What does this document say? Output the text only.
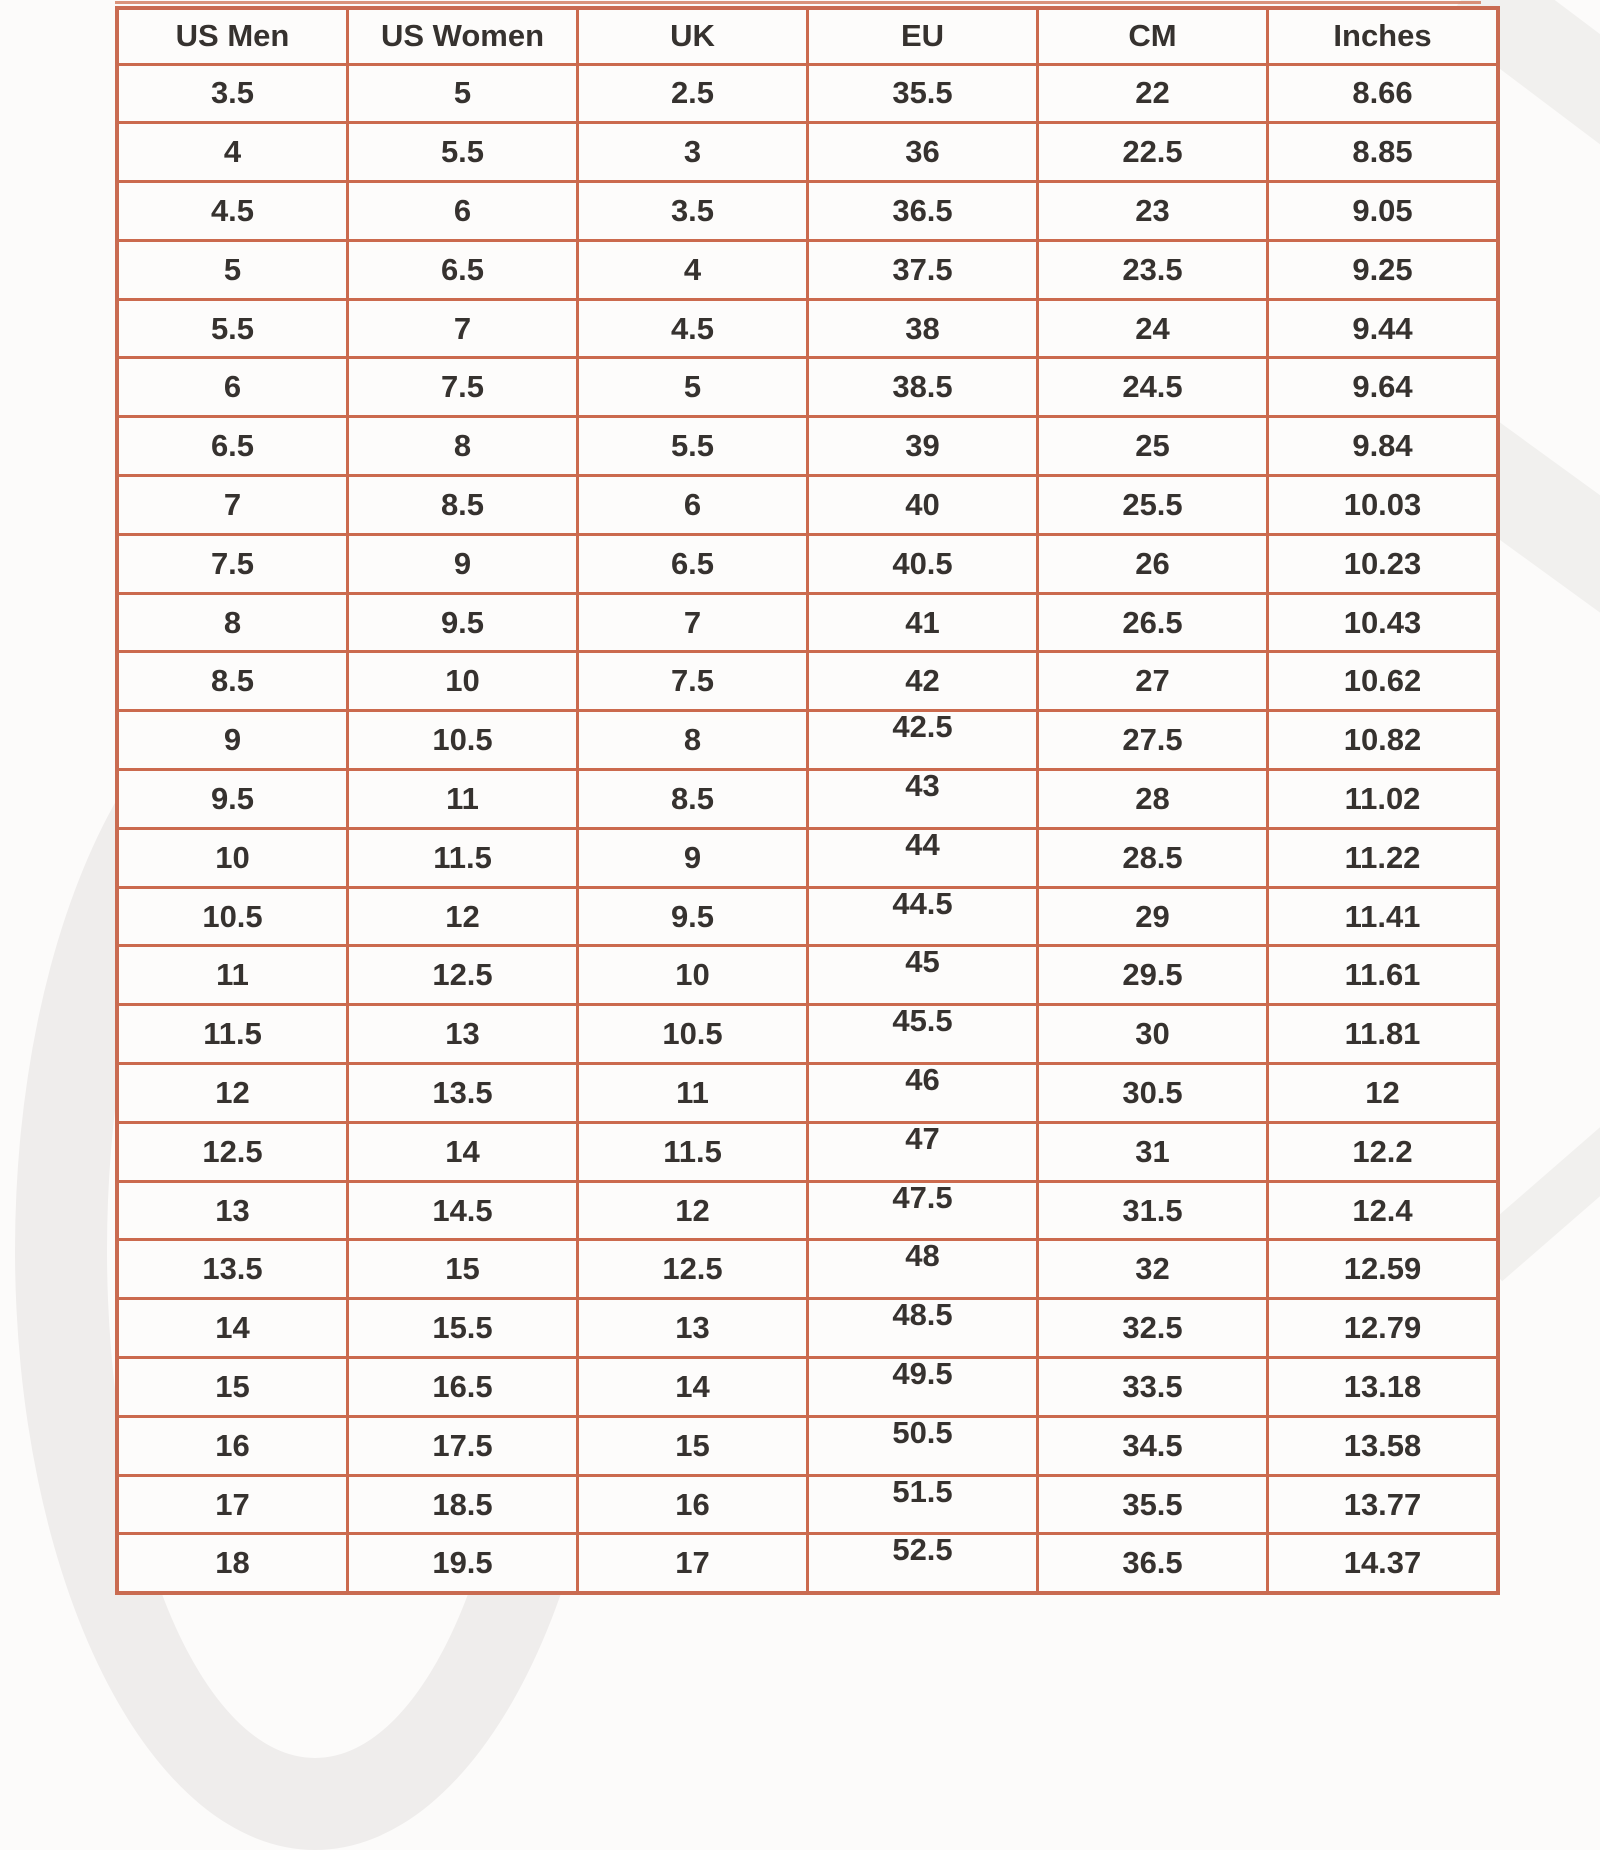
US Men	US Women	UK	EU	CM	Inches
3.5	5	2.5	35.5	22	8.66
4	5.5	3	36	22.5	8.85
4.5	6	3.5	36.5	23	9.05
5	6.5	4	37.5	23.5	9.25
5.5	7	4.5	38	24	9.44
6	7.5	5	38.5	24.5	9.64
6.5	8	5.5	39	25	9.84
7	8.5	6	40	25.5	10.03
7.5	9	6.5	40.5	26	10.23
8	9.5	7	41	26.5	10.43
8.5	10	7.5	42	27	10.62
9	10.5	8	42.5	27.5	10.82
9.5	11	8.5	43	28	11.02
10	11.5	9	44	28.5	11.22
10.5	12	9.5	44.5	29	11.41
11	12.5	10	45	29.5	11.61
11.5	13	10.5	45.5	30	11.81
12	13.5	11	46	30.5	12
12.5	14	11.5	47	31	12.2
13	14.5	12	47.5	31.5	12.4
13.5	15	12.5	48	32	12.59
14	15.5	13	48.5	32.5	12.79
15	16.5	14	49.5	33.5	13.18
16	17.5	15	50.5	34.5	13.58
17	18.5	16	51.5	35.5	13.77
18	19.5	17	52.5	36.5	14.37
